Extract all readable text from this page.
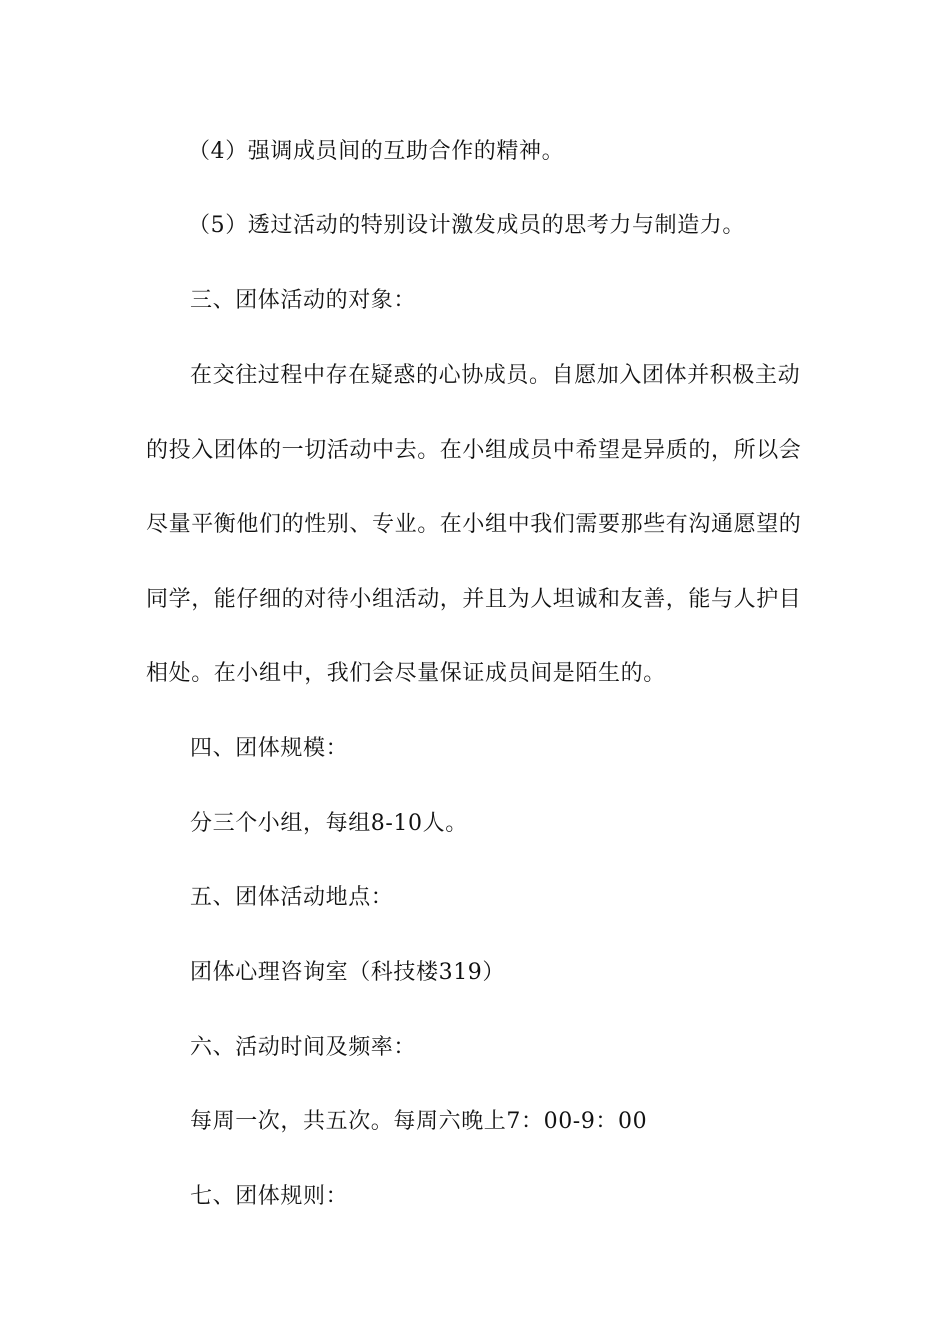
（4）强调成员间的互助合作的精神。
（5）透过活动的特别设计激发成员的思考力与制造力。
三、团体活动的对象：
在交往过程中存在疑惑的心协成员。自愿加入团体并积极主动
的投入团体的一切活动中去。在小组成员中希望是异质的，所以会
尽量平衡他们的性别、专业。在小组中我们需要那些有沟通愿望的
同学，能仔细的对待小组活动，并且为人坦诚和友善，能与人护目
相处。在小组中，我们会尽量保证成员间是陌生的。
四、团体规模：
分三个小组，每组8-10人。
五、团体活动地点：
团体心理咨询室（科技楼319）
六、活动时间及频率：
每周一次，共五次。每周六晚上7：00-9：00
七、团体规则：
